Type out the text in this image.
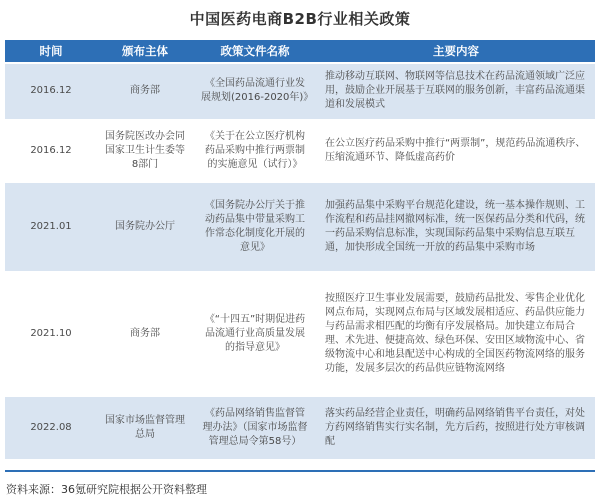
中国医药电商B2B行业相关政策
时间	颁布主体	政策文件名称	主要内容
2016.12	商务部	《全国药品流通行业发展规划(2016-2020年)》	推动移动互联网、物联网等信息技术在药品流通领域广泛应用，鼓励企业开展基于互联网的服务创新，丰富药品流通渠道和发展模式
2016.12	国务院医改办会同国家卫生计生委等8部门	《关于在公立医疗机构药品采购中推行两票制的实施意见（试行）》	在公立医疗药品采购中推行“两票制”，规范药品流通秩序、压缩流通环节、降低虚高药价
2021.01	国务院办公厅	《国务院办公厅关于推动药品集中带量采购工作常态化制度化开展的意见》	加强药品集中采购平台规范化建设，统一基本操作规则、工作流程和药品挂网撤网标准，统一医保药品分类和代码，统一药品采购信息标准，实现国际药品集中采购信息互联互通，加快形成全国统一开放的药品集中采购市场
2021.10	商务部	《“十四五”时期促进药品流通行业高质量发展的指导意见》	按照医疗卫生事业发展需要，鼓励药品批发、零售企业优化网点布局，实现网点布局与区域发展相适应、药品供应能力与药品需求相匹配的均衡有序发展格局。加快建立布局合理、术先进、便捷高效、绿色环保、安田区域物流中心、省级物流中心和地县配送中心构成的全国医药物流网络的服务功能，发展多层次的药品供应链物流网络
2022.08	国家市场监督管理总局	《药品网络销售监督管理办法》（国家市场监督管理总局令第58号）	落实药品经营企业责任，明确药品网络销售平台责任，对处方药网络销售实行实名制，先方后药，按照进行处方审核调配
资料来源：36氪研究院根据公开资料整理
